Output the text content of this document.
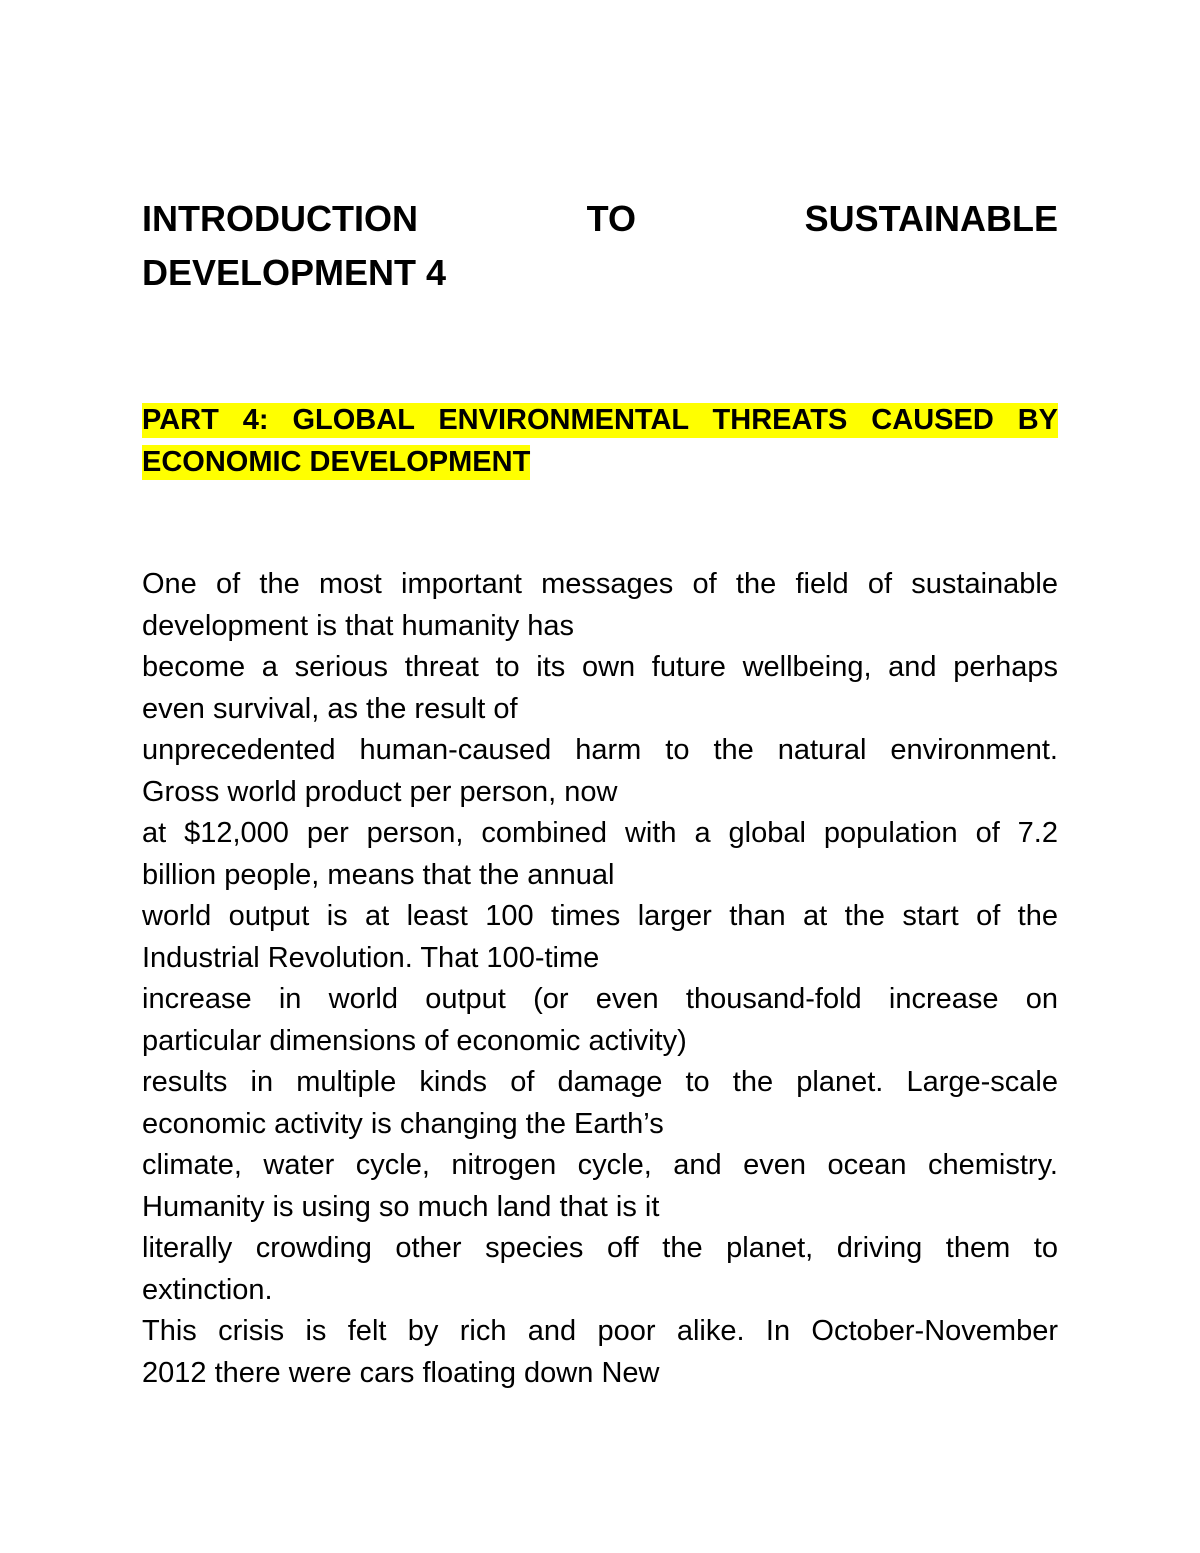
INTRODUCTION TO SUSTAINABLE
DEVELOPMENT 4
PART 4: GLOBAL ENVIRONMENTAL THREATS CAUSED BY
ECONOMIC DEVELOPMENT

One of the most important messages of the field of sustainable
development is that humanity has
become a serious threat to its own future wellbeing, and perhaps
even survival, as the result of
unprecedented human-caused harm to the natural environment.
Gross world product per person, now
at $12,000 per person, combined with a global population of 7.2
billion people, means that the annual
world output is at least 100 times larger than at the start of the
Industrial Revolution. That 100-time
increase in world output (or even thousand-fold increase on
particular dimensions of economic activity)
results in multiple kinds of damage to the planet. Large-scale
economic activity is changing the Earth’s
climate, water cycle, nitrogen cycle, and even ocean chemistry.
Humanity is using so much land that is it
literally crowding other species off the planet, driving them to
extinction.
This crisis is felt by rich and poor alike. In October-November
2012 there were cars floating down New
